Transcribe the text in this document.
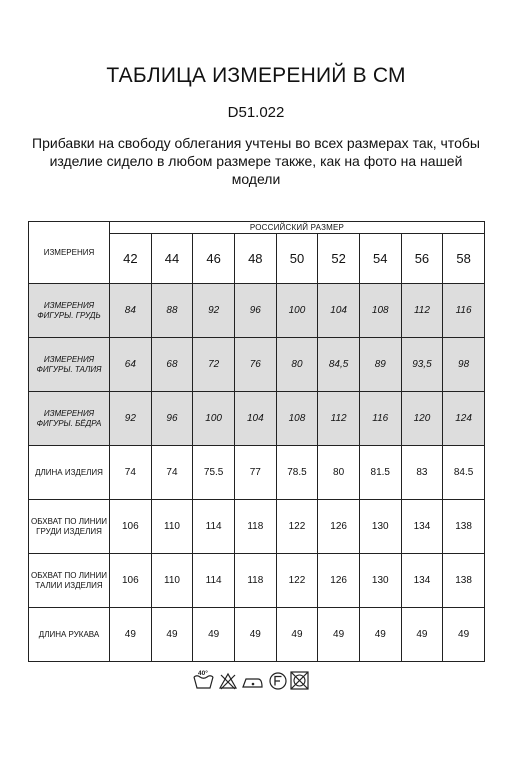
ТАБЛИЦА ИЗМЕРЕНИЙ В СМ
D51.022
Прибавки на свободу облегания учтены во всех размерах так, чтобы изделие сидело в любом размере также, как на фото на нашей модели
ИЗМЕРЕНИЯ	РОССИЙСКИЙ РАЗМЕР								
	42	44	46	48	50	52	54	56	58
ИЗМЕРЕНИЯ ФИГУРЫ. ГРУДЬ	84	88	92	96	100	104	108	112	116
ИЗМЕРЕНИЯ ФИГУРЫ. ТАЛИЯ	64	68	72	76	80	84,5	89	93,5	98
ИЗМЕРЕНИЯ ФИГУРЫ. БЁДРА	92	96	100	104	108	112	116	120	124
ДЛИНА ИЗДЕЛИЯ	74	74	75.5	77	78.5	80	81.5	83	84.5
ОБХВАТ ПО ЛИНИИ ГРУДИ ИЗДЕЛИЯ	106	110	114	118	122	126	130	134	138
ОБХВАТ ПО ЛИНИИ ТАЛИИ ИЗДЕЛИЯ	106	110	114	118	122	126	130	134	138
ДЛИНА РУКАВА	49	49	49	49	49	49	49	49	49
40°
